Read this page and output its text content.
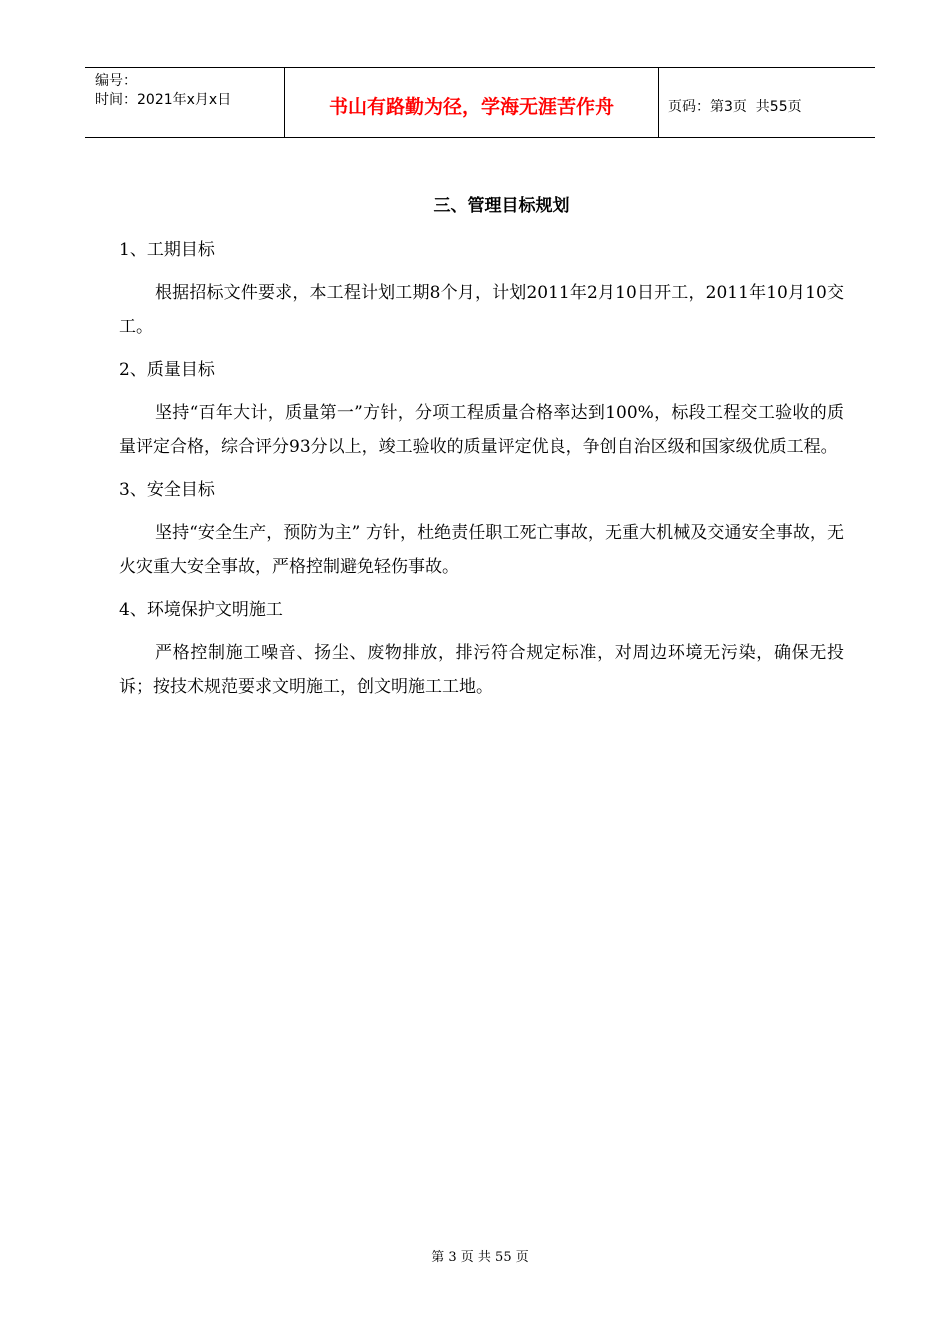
编号：
时间：2021年x月x日	书山有路勤为径，学海无涯苦作舟	页码：第3页  共55页
三、管理目标规划
1、工期目标

根据招标文件要求，本工程计划工期8个月，计划2011年2月10日开工，2011年10月10交工。

2、质量目标

坚持“百年大计，质量第一”方针，分项工程质量合格率达到100%，标段工程交工验收的质量评定合格，综合评分93分以上，竣工验收的质量评定优良，争创自治区级和国家级优质工程。

3、安全目标

坚持“安全生产，预防为主” 方针，杜绝责任职工死亡事故，无重大机械及交通安全事故，无火灾重大安全事故，严格控制避免轻伤事故。

4、环境保护文明施工

严格控制施工噪音、扬尘、废物排放，排污符合规定标准，对周边环境无污染，确保无投诉；按技术规范要求文明施工，创文明施工工地。

第 3 页 共 55 页
